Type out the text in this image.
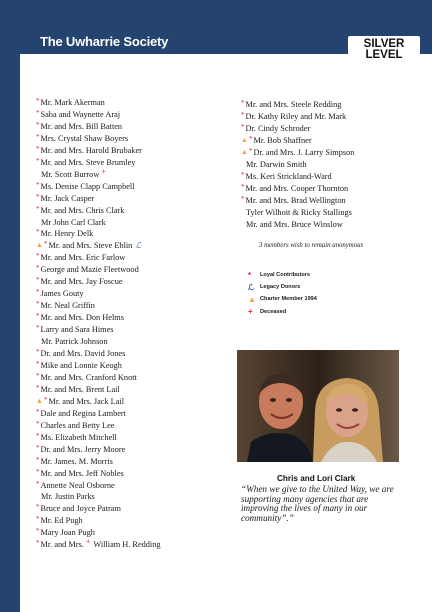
The Uwharrie Society	SILVER
LEVEL
* Mr. Mark Akerman
* Saba and Waynette Araj
* Mr. and Mrs. Bill Batten
* Mrs. Crystal Shaw Boyers
* Mr. and Mrs. Harold Brubaker
* Mr. and Mrs. Steve Brumley
Mr. Scott Burrow +
* Ms. Denise Clapp Campbell
* Mr. Jack Casper
* Mr. and Mrs. Chris Clark
Mr John Carl Clark
* Mr. Henry Delk
▲ * Mr. and Mrs. Steve Eblin ℒ
* Mr. and Mrs. Eric Farlow
* George and Mazie Fleetwood
* Mr. and Mrs. Jay Foscue
* James Gouty
* Mr. Neal Griffin
* Mr. and Mrs. Don Helms
* Larry and Sara Himes
Mr. Patrick Johnson
* Dr. and Mrs. David Jones
* Mike and Lonnie Keogh
* Mr. and Mrs. Cranford Knott
* Mr. and Mrs. Brent Lail
▲ * Mr. and Mrs. Jack Lail
* Dale and Regina Lambert
* Charles and Betty Lee
* Ms. Elizabeth Mitchell
* Dr. and Mrs. Jerry Moore
* Mr. James. M. Morris
* Mr. and Mrs. Jeff Nobles
* Annette Neal Osborne
Mr. Justin Parks
* Bruce and Joyce Patram
* Mr. Ed Pugh
* Mary Joan Pugh
* Mr. and Mrs. + William H. Redding
* Mr. and Mrs. Steele Redding
* Dr. Kathy Riley and Mr. Mark
* Dr. Cindy Schroder
▲ * Mr. Bob Shaffner
▲ * Dr. and Mrs. J. Larry Simpson
Mr. Darwin Smith
* Ms. Keri Strickland-Ward
* Mr. and Mrs. Cooper Thornton
* Mr. and Mrs. Brad Wellington
Tyler Wilhoit & Ricky Stallings
Mr. and Mrs. Bruce Winslow
3 members wish to remain anonymous
*	Loyal Contributors
ℒ	Legacy Donors
▲ Charter Member 1994
+	Deceased
Chris and Lori Clark
“When we give to the United Way, we are supporting many agencies that are improving the lives of many in our community”.”
